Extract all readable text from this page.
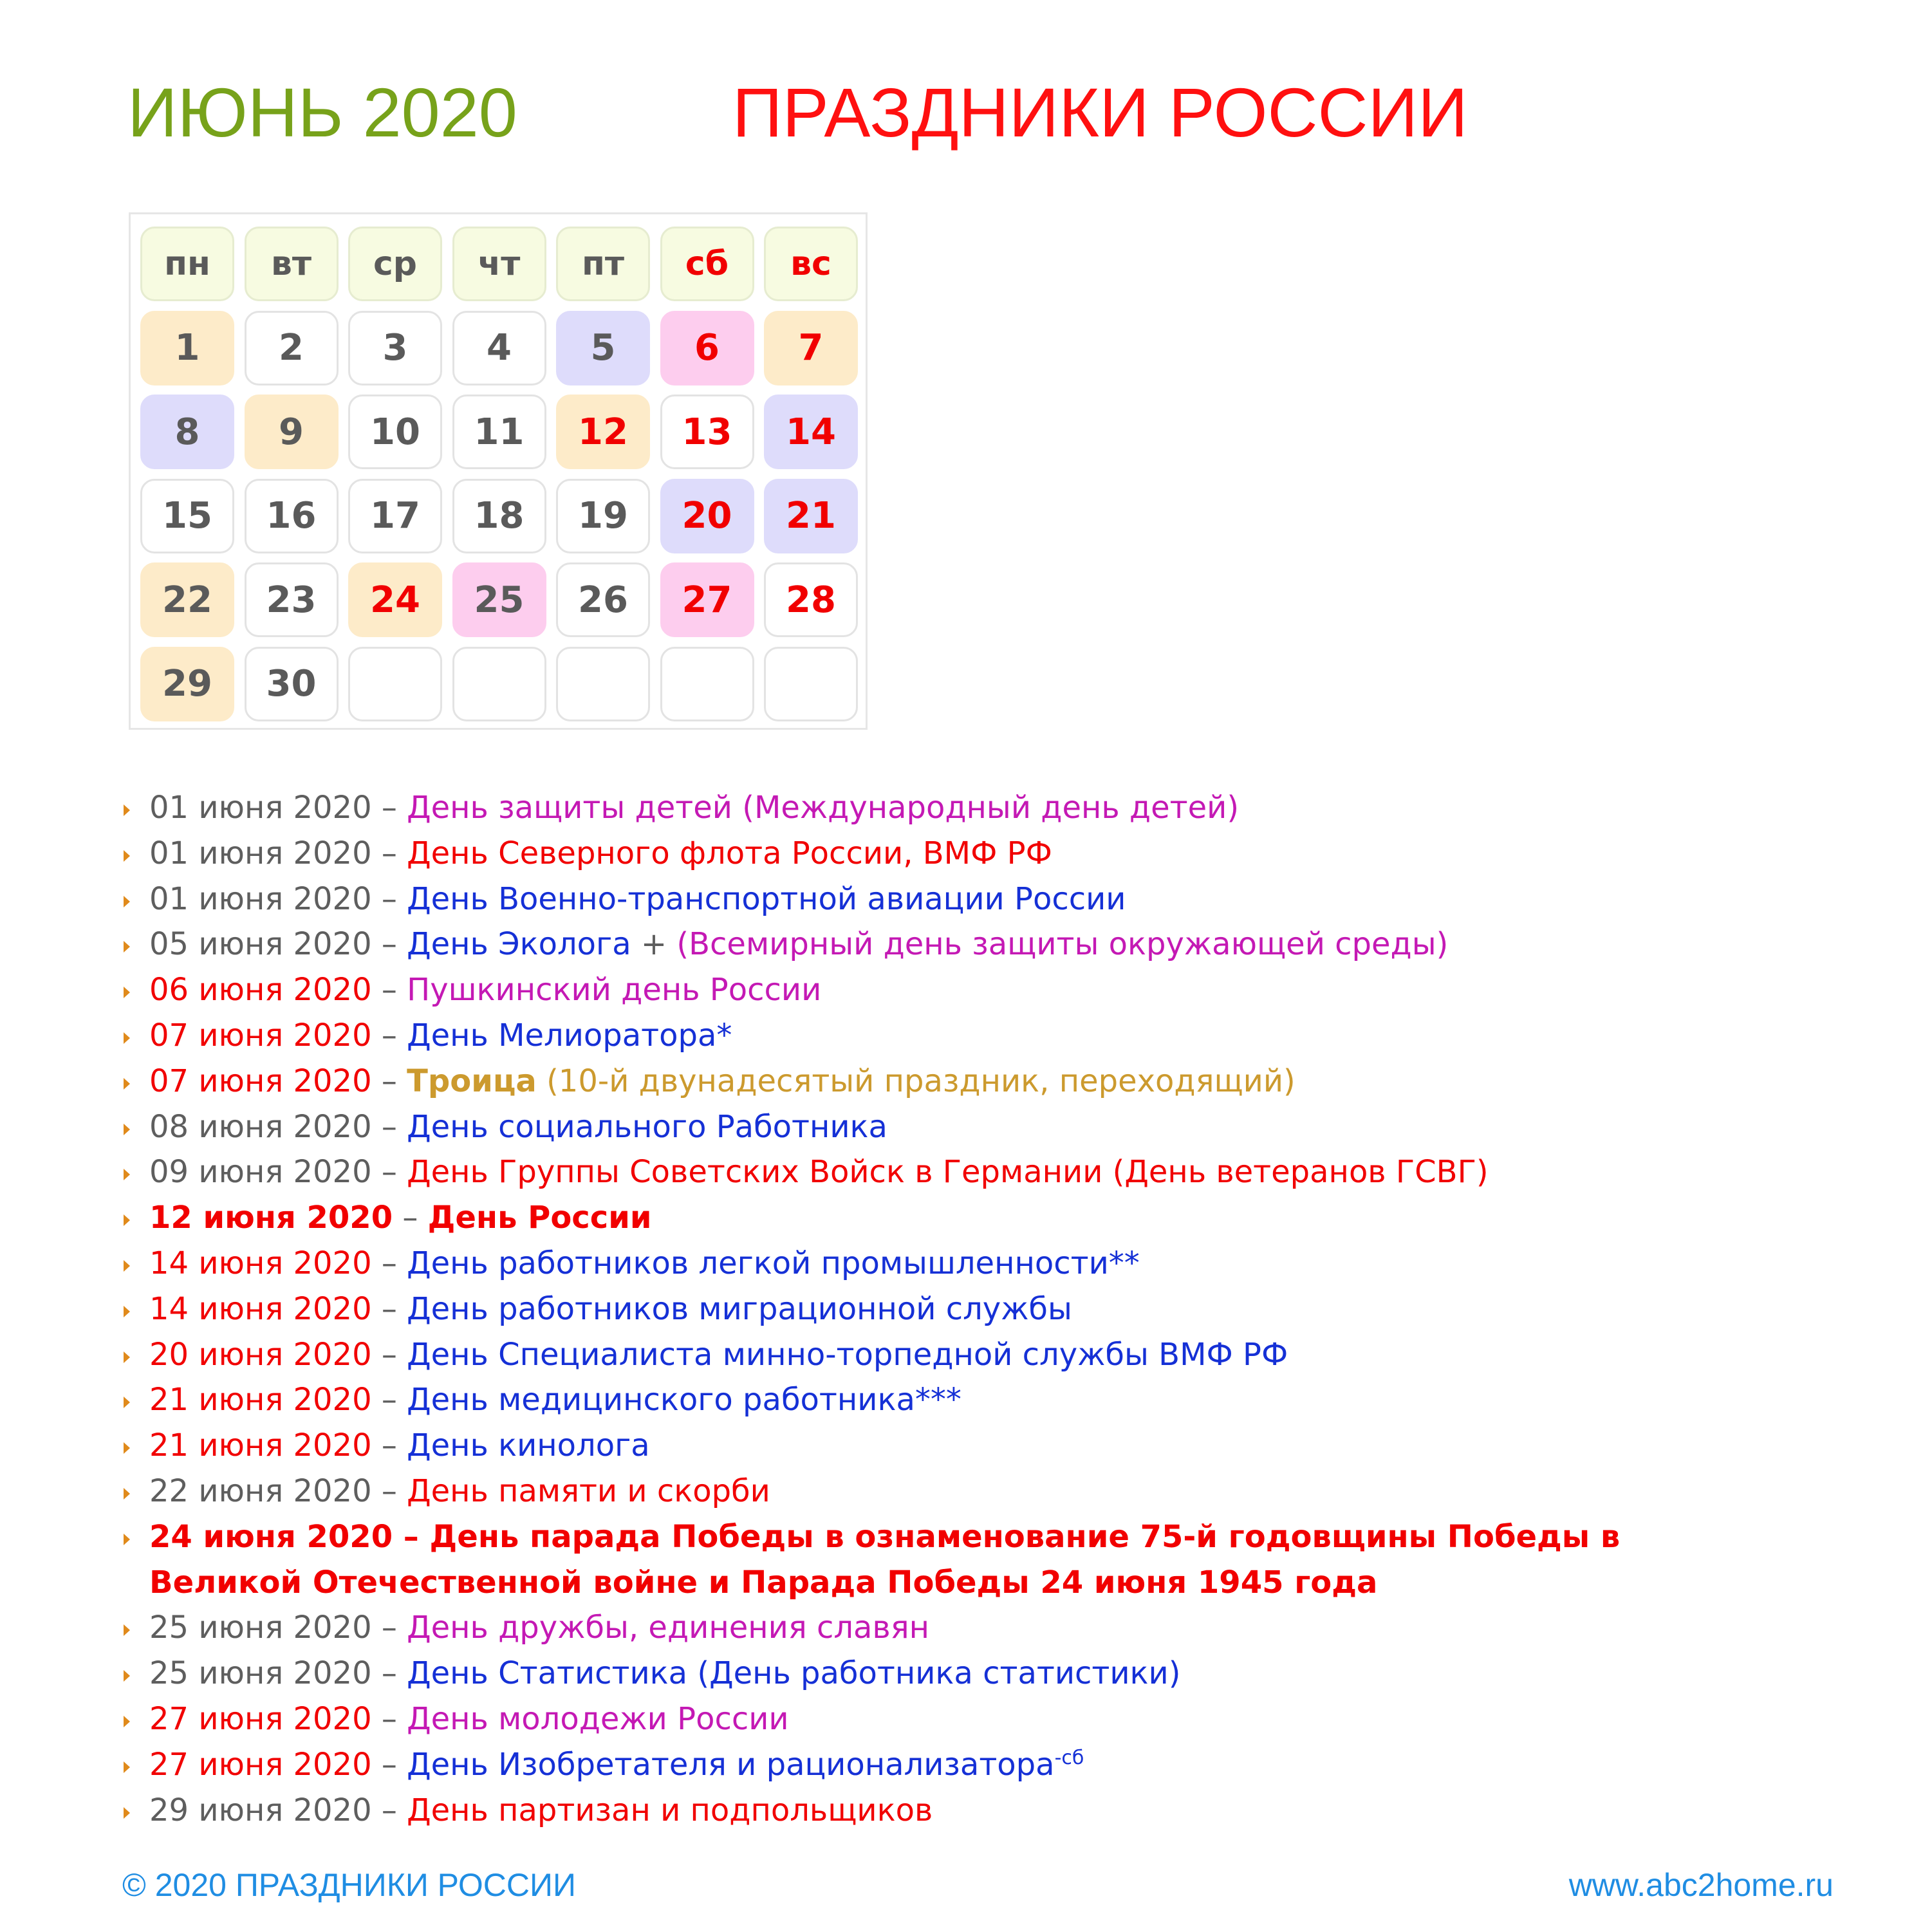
ИЮНЬ 2020	ПРАЗДНИКИ РОССИИ
пн	вт	ср	чт	пт	сб	вс
1	2	3	4	5	6	7
8	9	10	11	12	13	14
15	16	17	18	19	20	21
22	23	24	25	26	27	28
29	30
01 июня 2020 – День защиты детей (Международный день детей)
01 июня 2020 – День Северного флота России, ВМФ РФ
01 июня 2020 – День Военно-транспортной авиации России
05 июня 2020 – День Эколога + (Всемирный день защиты окружающей среды)
06 июня 2020 – Пушкинский день России
07 июня 2020 – День Мелиоратора*
07 июня 2020 – Троица (10-й двунадесятый праздник, переходящий)
08 июня 2020 – День социального Работника
09 июня 2020 – День Группы Советских Войск в Германии (День ветеранов ГСВГ)
12 июня 2020 – День России
14 июня 2020 – День работников легкой промышленности**
14 июня 2020 – День работников миграционной службы
20 июня 2020 – День Специалиста минно-торпедной службы ВМФ РФ
21 июня 2020 – День медицинского работника***
21 июня 2020 – День кинолога
22 июня 2020 – День памяти и скорби
24 июня 2020 – День парада Победы в ознаменование 75-й годовщины Победы в
Великой Отечественной войне и Парада Победы 24 июня 1945 года
25 июня 2020 – День дружбы, единения славян
25 июня 2020 – День Статистика (День работника статистики)
27 июня 2020 – День молодежи России
27 июня 2020 – День Изобретателя и рационализатора$^{-сб}$
29 июня 2020 – День партизан и подпольщиков
© 2020 ПРАЗДНИКИ РОССИИ	www.abc2home.ru
